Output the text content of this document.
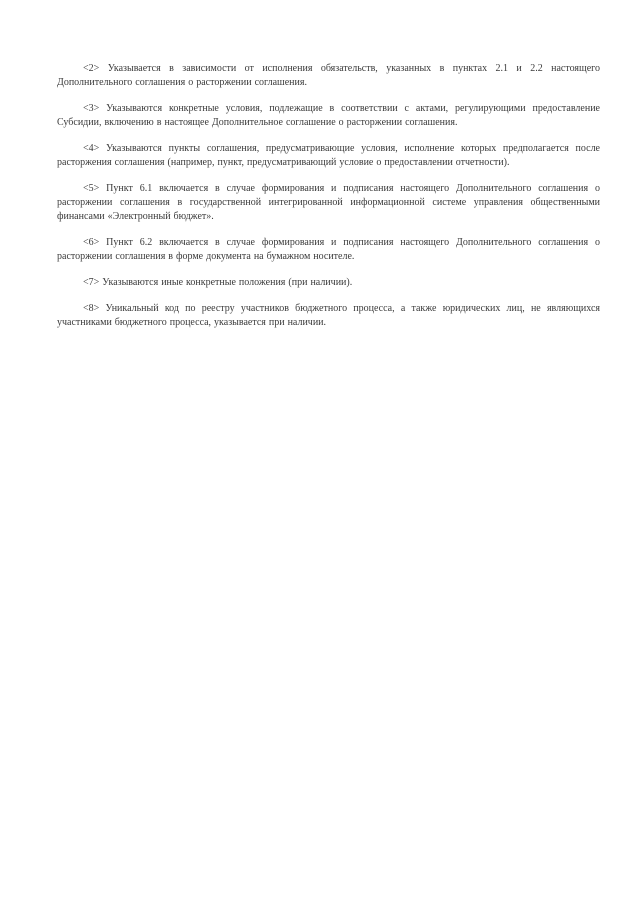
<2> Указывается в зависимости от исполнения обязательств, указанных в пунктах 2.1 и 2.2 настоящего Дополнительного соглашения о расторжении соглашения.

<3> Указываются конкретные условия, подлежащие в соответствии с актами, регулирующими предоставление Субсидии, включению в настоящее Дополнительное соглашение о расторжении соглашения.

<4> Указываются пункты соглашения, предусматривающие условия, исполнение которых предполагается после расторжения соглашения (например, пункт, предусматривающий условие о предоставлении отчетности).

<5> Пункт 6.1 включается в случае формирования и подписания настоящего Дополнительного соглашения о расторжении соглашения в государственной интегрированной информационной системе управления общественными финансами «Электронный бюджет».

<6> Пункт 6.2 включается в случае формирования и подписания настоящего Дополнительного соглашения о расторжении соглашения в форме документа на бумажном носителе.

<7> Указываются иные конкретные положения (при наличии).

<8> Уникальный код по реестру участников бюджетного процесса, а также юридических лиц, не являющихся участниками бюджетного процесса, указывается при наличии.
